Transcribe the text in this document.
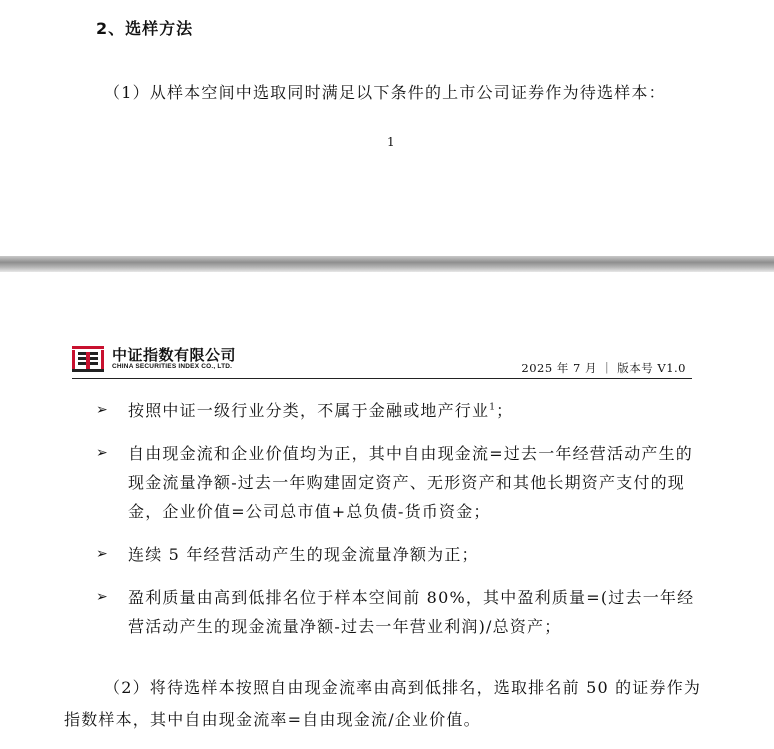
2、选样方法
（1）从样本空间中选取同时满足以下条件的上市公司证券作为待选样本：
1
中证指数有限公司
CHINA SECURITIES INDEX CO., LTD.	2025 年 7 月 ｜ 版本号 V1.0
➢ 按照中证一级行业分类，不属于金融或地产行业$^1$；
➢ 自由现金流和企业价值均为正，其中自由现金流=过去一年经营活动产生的现金流量净额-过去一年购建固定资产、无形资产和其他长期资产支付的现金，企业价值=公司总市值+总负债-货币资金；
➢ 连续 5 年经营活动产生的现金流量净额为正；
➢ 盈利质量由高到低排名位于样本空间前 80%，其中盈利质量=(过去一年经营活动产生的现金流量净额-过去一年营业利润)/总资产；
（2）将待选样本按照自由现金流率由高到低排名，选取排名前 50 的证券作为指数样本，其中自由现金流率=自由现金流/企业价值。
